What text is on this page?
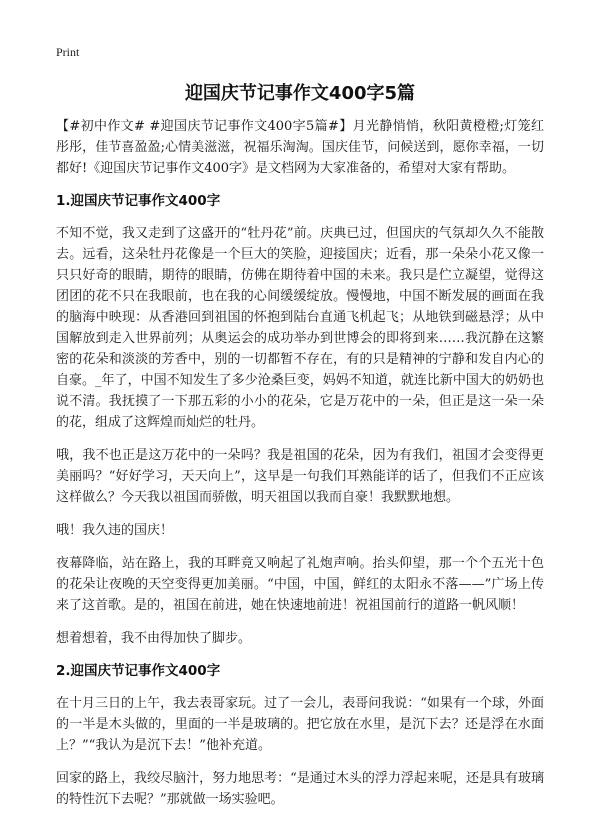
Print
迎国庆节记事作文400字5篇

【#初中作文# #迎国庆节记事作文400字5篇#】月光静悄悄，秋阳黄橙橙;灯笼红彤彤，佳节喜盈盈;心情美滋滋，祝福乐淘淘。国庆佳节，问候送到，愿你幸福，一切都好!《迎国庆节记事作文400字》是文档网为大家准备的，希望对大家有帮助。

1.迎国庆节记事作文400字

不知不觉，我又走到了这盛开的“牡丹花”前。庆典已过，但国庆的气氛却久久不能散去。远看，这朵牡丹花像是一个巨大的笑脸，迎接国庆；近看，那一朵朵小花又像一只只好奇的眼睛，期待的眼睛，仿佛在期待着中国的未来。我只是伫立凝望，觉得这团团的花不只在我眼前，也在我的心间缓缓绽放。慢慢地，中国不断发展的画面在我的脑海中映现：从香港回到祖国的怀抱到陆台直通飞机起飞；从地铁到磁悬浮；从中国解放到走入世界前列；从奥运会的成功举办到世博会的即将到来……我沉静在这繁密的花朵和淡淡的芳香中，别的一切都暂不存在，有的只是精神的宁静和发自内心的自豪。_年了，中国不知发生了多少沧桑巨变，妈妈不知道，就连比新中国大的奶奶也说不清。我抚摸了一下那五彩的小小的花朵，它是万花中的一朵，但正是这一朵一朵的花，组成了这辉煌而灿烂的牡丹。

哦，我不也正是这万花中的一朵吗？我是祖国的花朵，因为有我们，祖国才会变得更美丽吗？“好好学习，天天向上”，这早是一句我们耳熟能详的话了，但我们不正应该这样做么？今天我以祖国而骄傲，明天祖国以我而自豪！我默默地想。

哦！我久违的国庆！

夜幕降临，站在路上，我的耳畔竟又响起了礼炮声响。抬头仰望，那一个个五光十色的花朵让夜晚的天空变得更加美丽。“中国，中国，鲜红的太阳永不落——”广场上传来了这首歌。是的，祖国在前进，她在快速地前进！祝祖国前行的道路一帆风顺！

想着想着，我不由得加快了脚步。

2.迎国庆节记事作文400字

在十月三日的上午，我去表哥家玩。过了一会儿，表哥问我说：“如果有一个球，外面的一半是木头做的，里面的一半是玻璃的。把它放在水里，是沉下去？还是浮在水面上？”“我认为是沉下去！”他补充道。

回家的路上，我绞尽脑汁，努力地思考：“是通过木头的浮力浮起来呢，还是具有玻璃的特性沉下去呢？”那就做一场实验吧。
